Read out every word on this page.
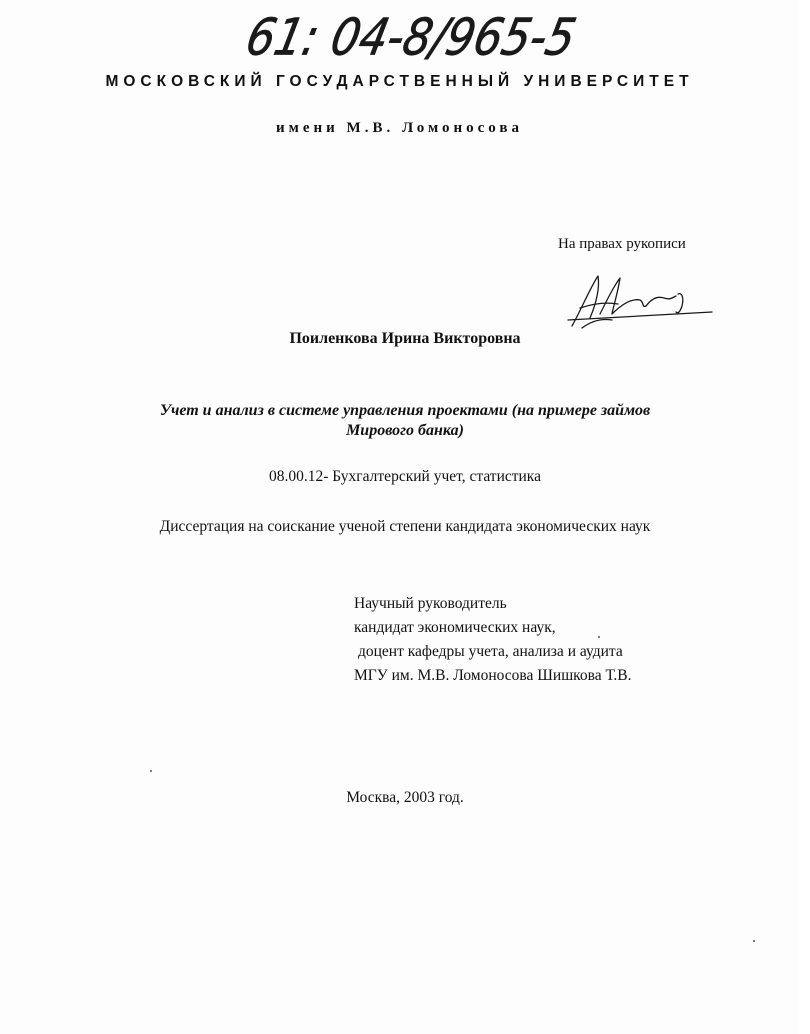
61: 04-8/965-5
МОСКОВСКИЙ ГОСУДАРСТВЕННЫЙ УНИВЕРСИТЕТ
имени М.В. Ломоносова
На правах рукописи
Поиленкова Ирина Викторовна
Учет и анализ в системе управления проектами (на примере займов
Мирового банка)
08.00.12- Бухгалтерский учет, статистика
Диссертация на соискание ученой степени кандидата экономических наук
Научный руководитель
кандидат экономических наук,
доцент кафедры учета, анализа и аудита
МГУ им. М.В. Ломоносова Шишкова Т.В.
Москва, 2003 год.
